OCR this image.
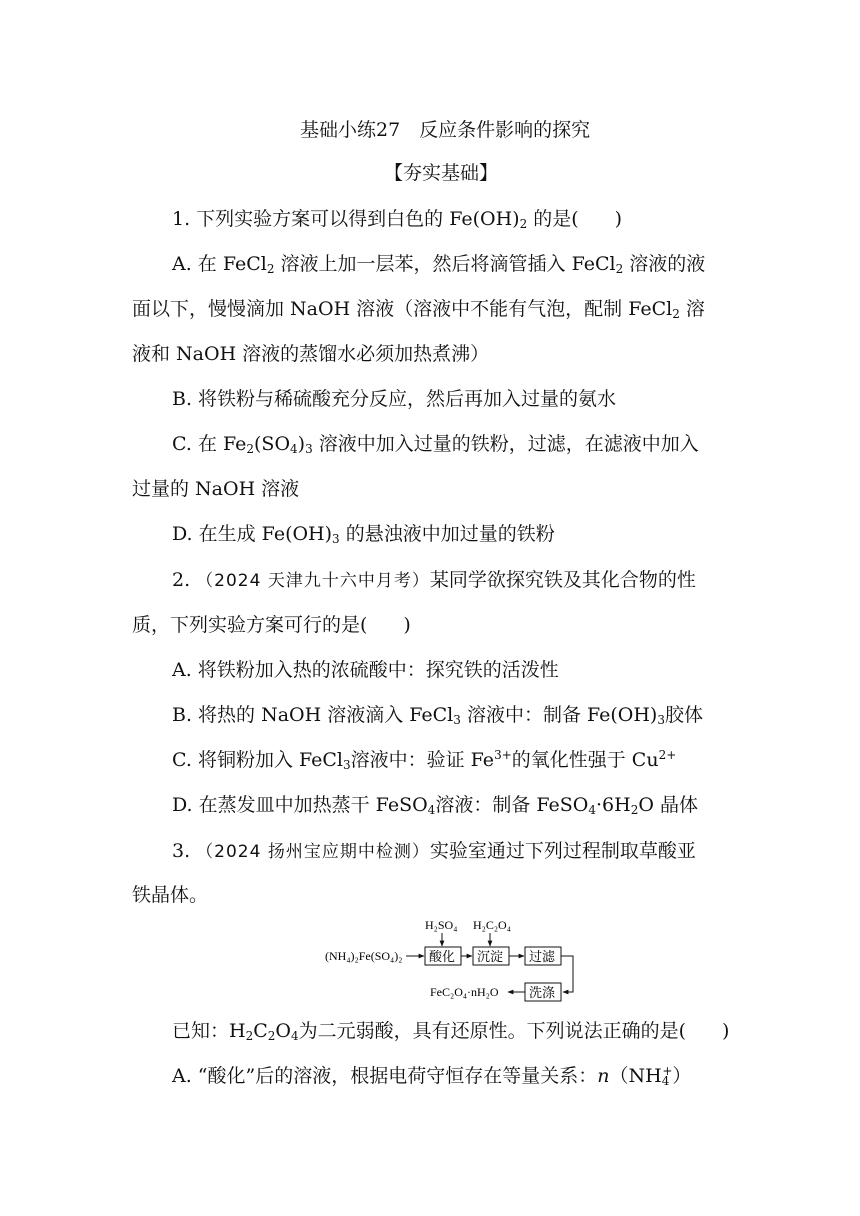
基础小练27　反应条件影响的探究
【夯实基础】
1. 下列实验方案可以得到白色的 $Fe(OH)_2$ 的是( )
A. 在 FeCl$_2$ 溶液上加一层苯，然后将滴管插入 FeCl$_2$ 溶液的液
面以下，慢慢滴加 NaOH 溶液（溶液中不能有气泡，配制 FeCl$_2$ 溶
液和 NaOH 溶液的蒸馏水必须加热煮沸）
B. 将铁粉与稀硫酸充分反应，然后再加入过量的氨水
C. 在 $Fe_2(SO_4)_3$ 溶液中加入过量的铁粉，过滤，在滤液中加入
过量的 NaOH 溶液
D. 在生成 $Fe(OH)_3$ 的悬浊液中加过量的铁粉
2. （2024 天津九十六中月考）某同学欲探究铁及其化合物的性
质，下列实验方案可行的是( )
A. 将铁粉加入热的浓硫酸中：探究铁的活泼性
B. 将热的 NaOH 溶液滴入 FeCl$_3$ 溶液中：制备 $Fe(OH)_3$胶体
C. 将铜粉加入 FeCl$_3$溶液中：验证 $Fe^{3+}$的氧化性强于 $Cu^{2+}$
D. 在蒸发皿中加热蒸干 FeSO$_4$溶液：制备 $FeSO_4\cdot 6H_2O$ 晶体
3. （2024 扬州宝应期中检测）实验室通过下列过程制取草酸亚
铁晶体。
H₂SO₄ H₂C₂O₄
(NH₄)₂Fe(SO₄)₂ 酸化 沉淀 过滤
洗涤
FeC₂O₄·nH₂O
已知：$H_2C_2O_4$为二元弱酸，具有还原性。下列说法正确的是( )
A. “酸化”后的溶液，根据电荷守恒存在等量关系：$n(NH_4^+)$
